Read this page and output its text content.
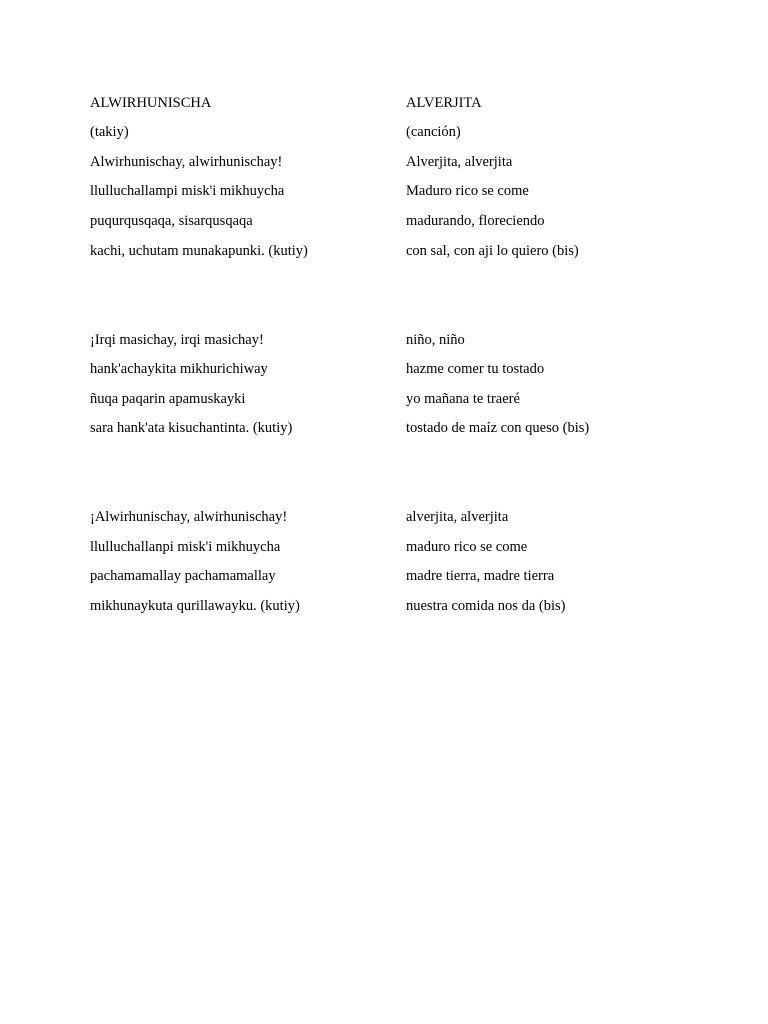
ALWIRHUNISCHA
(takiy)
Alwirhunischay, alwirhunischay!
llulluchallampi misk'i mikhuycha
puqurqusqaqa, sisarqusqaqa
kachi, uchutam munakapunki. (kutiy)
¡Irqi masichay, irqi masichay!
hank'achaykita mikhurichiway
ñuqa paqarin apamuskayki
sara hank'ata kisuchantinta. (kutiy)
¡Alwirhunischay, alwirhunischay!
llulluchallanpi misk'i mikhuycha
pachamamallay pachamamallay
mikhunaykuta qurillawayku. (kutiy)
ALVERJITA
(canción)
Alverjita, alverjita
Maduro rico se come
madurando, floreciendo
con sal, con aji lo quiero (bis)
niño, niño
hazme comer tu tostado
yo mañana te traeré
tostado de maíz con queso (bis)
alverjita, alverjita
maduro rico se come
madre tierra, madre tierra
nuestra comida nos da (bis)
